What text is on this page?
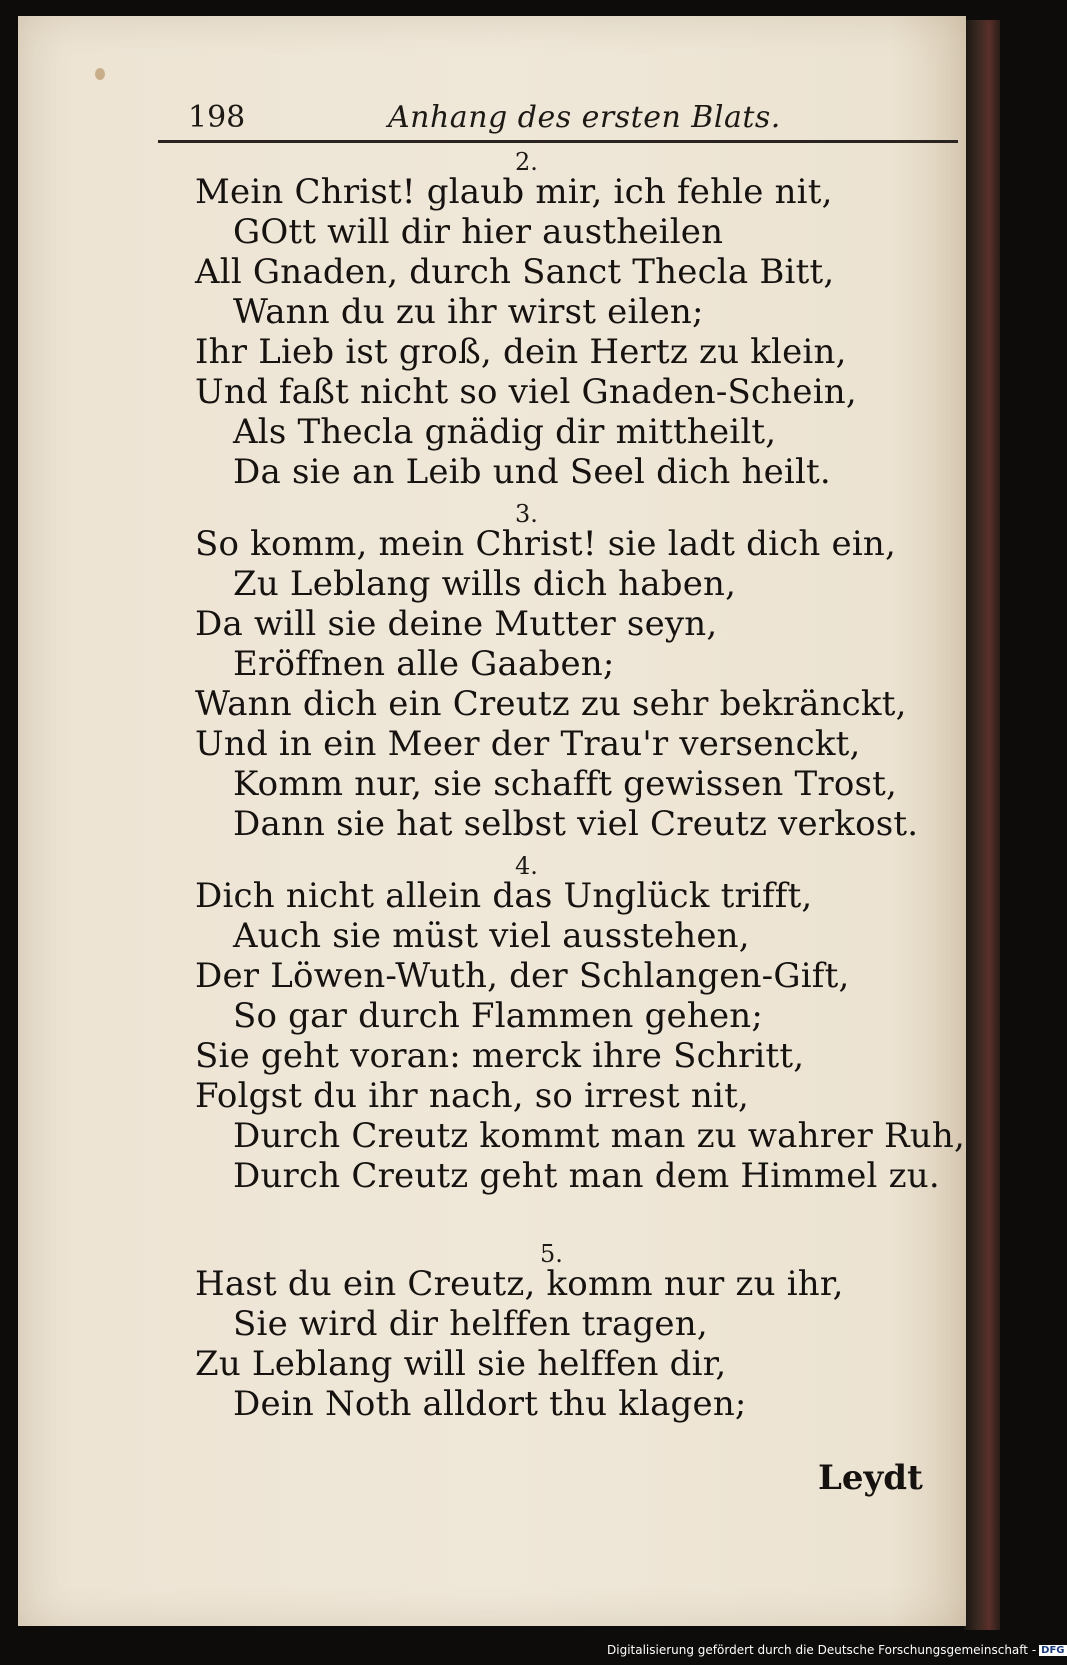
198	Anhang des ersten Blats.
2.
Mein Christ! glaub mir, ich fehle nit,
GOtt will dir hier austheilen
All Gnaden, durch Sanct Thecla Bitt,
Wann du zu ihr wirst eilen;
Ihr Lieb ist groß, dein Hertz zu klein,
Und faßt nicht so viel Gnaden-Schein,
Als Thecla gnädig dir mittheilt,
Da sie an Leib und Seel dich heilt.
3.
So komm, mein Christ! sie ladt dich ein,
Zu Leblang wills dich haben,
Da will sie deine Mutter seyn,
Eröffnen alle Gaaben;
Wann dich ein Creutz zu sehr bekränckt,
Und in ein Meer der Trau'r versenckt,
Komm nur, sie schafft gewissen Trost,
Dann sie hat selbst viel Creutz verkost.
4.
Dich nicht allein das Unglück trifft,
Auch sie müst viel ausstehen,
Der Löwen-Wuth, der Schlangen-Gift,
So gar durch Flammen gehen;
Sie geht voran: merck ihre Schritt,
Folgst du ihr nach, so irrest nit,
Durch Creutz kommt man zu wahrer Ruh,
Durch Creutz geht man dem Himmel zu.
5.
Hast du ein Creutz, komm nur zu ihr,
Sie wird dir helffen tragen,
Zu Leblang will sie helffen dir,
Dein Noth alldort thu klagen;
Leydt
Digitalisierung gefördert durch die Deutsche Forschungsgemeinschaft - DFG
